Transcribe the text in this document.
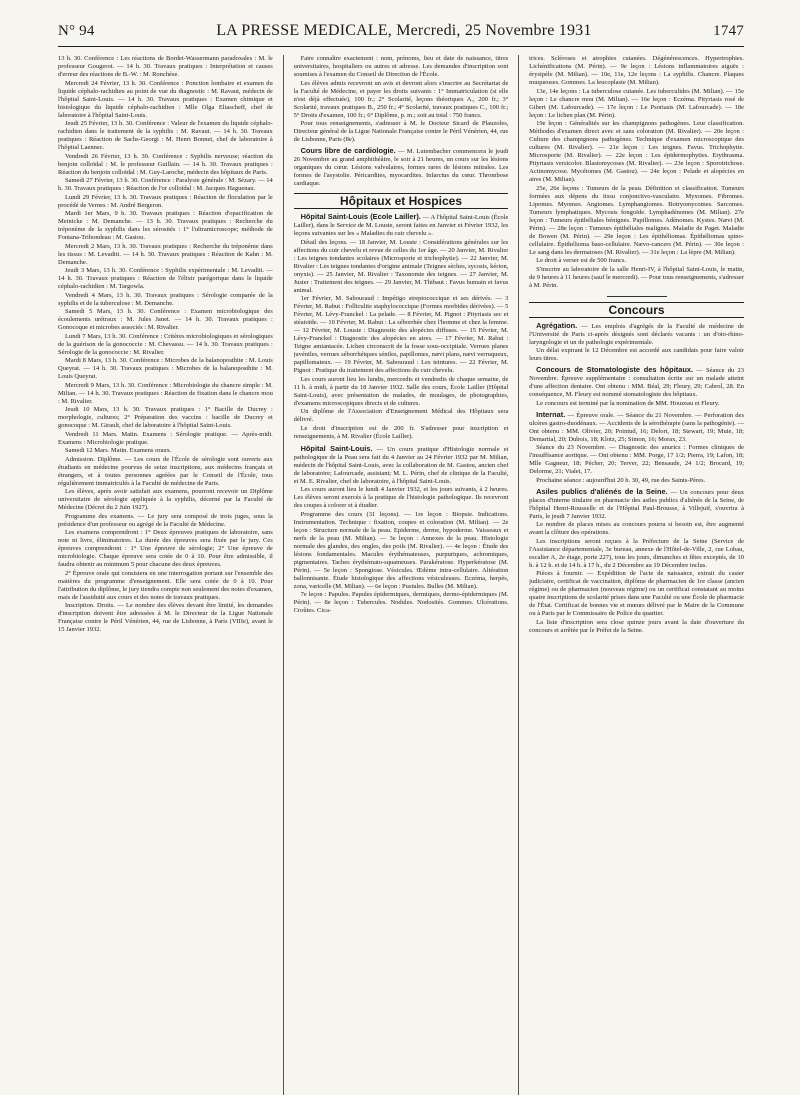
N° 94	LA PRESSE MEDICALE, Mercredi, 25 Novembre 1931	1747

13 h. 30. Conférence : Les réactions de Bordet-Wassermann paradoxales : M. le professeur Gougerot. — 14 h. 30. Travaux pratiques : Interprétation et causes d'erreur des réactions de B.-W. : M. Ronchèse.

Mercredi 24 Février, 13 h. 30. Conférence : Ponction lombaire et examen du liquide céphalo-rachidien au point de vue du diagnostic : M. Ravaut, médecin de l'hôpital Saint-Louis. — 14 h. 30. Travaux pratiques : Examen chimique et histologique du liquide céphalo-rachidien : Mlle Olga Eliascheff, chef de laboratoire à l'hôpital Saint-Louis.

Jeudi 25 Février, 13 h. 30. Conférence : Valeur de l'examen du liquide céphalo-rachidien dans le traitement de la syphilis : M. Ravaut. — 14 h. 30. Travaux pratiques : Réaction de Sachs-Georgi : M. Henri Bonnet, chef de laboratoire à l'hôpital Laennec.

Vendredi 26 Février, 13 h. 30. Conférence : Syphilis nerveuse; réaction du benjoin colloïdal : M. le professeur Guillain. — 14 h. 30. Travaux pratiques : Réaction du benjoin colloïdal : M. Guy-Laroche, médecin des hôpitaux de Paris.

Samedi 27 Février, 13 h. 30. Conférence : Paralysie générale : M. Sézary. — 14 h. 30. Travaux pratiques : Réaction de l'or colloïdal : M. Jacques Haguenau.

Lundi 29 Février, 13 h. 30. Travaux pratiques : Réaction de floculation par le procédé de Vernes : M. André Bergeron.

Mardi 1er Mars, 9 h. 30. Travaux pratiques : Réaction d'opacification de Meinicke : M. Demanche. — 13 h. 30. Travaux pratiques : Recherche du tréponème de la syphilis dans les sérosités : 1° l'ultramicroscope; méthode de Fontana-Tribondeau : M. Gastou.

Mercredi 2 Mars, 13 h. 30. Travaux pratiques : Recherche du tréponème dans les tissus : M. Levaditi. — 14 h. 30. Travaux pratiques : Réaction de Kahn : M. Demanche.

Jeudi 3 Mars, 13 h. 30. Conférence : Syphilis expérimentale : M. Levaditi. — 14 h. 30. Travaux pratiques : Réaction de l'élixir parégorique dans le liquide céphalo-rachidien : M. Targowla.

Vendredi 4 Mars, 13 h. 30. Travaux pratiques : Sérologie comparée de la syphilis et de la tuberculose : M. Demanche.

Samedi 5 Mars, 13 h. 30. Conférence : Examen microbiologique des écoulements urétraux : M. Jules Janet. — 14 h. 30. Travaux pratiques : Gonocoque et microbes associés : M. Rivalier.

Lundi 7 Mars, 13 h. 30. Conférence : Critères microbiologiques et sérologiques de la guérison de la gonococcie : M. Chevassu. — 14 h. 30. Travaux pratiques : Sérologie de la gonococcie : M. Rivalier.

Mardi 8 Mars, 13 h. 30. Conférence : Microbes de la balanoposthite : M. Louis Queyrat. — 14 h. 30. Travaux pratiques : Microbes de la balanoposthite : M. Louis Queyrat.

Mercredi 9 Mars, 13 h. 30. Conférence : Microbiologie du chancre simple : M. Milian. — 14 h. 30. Travaux pratiques : Réaction de fixation dans le chancre mou : M. Rivalier.

Jeudi 10 Mars, 13 h. 30. Travaux pratiques : 1° Bacille de Ducrey : morphologie, cultures; 2° Préparation des vaccins : bacille de Ducrey et gonocoque : M. Girault, chef de laboratoire à l'hôpital Saint-Louis.

Vendredi 11 Mars. Matin. Examens : Sérologie pratique. — Après-midi. Examens : Microbiologie pratique.

Samedi 12 Mars. Matin. Examens oraux.

Admission. Diplôme. — Les cours de l'École de sérologie sont ouverts aux étudiants en médecine pourvus de seize inscriptions, aux médecins français et étrangers, et à toutes personnes agréées par le Conseil de l'École, tous régulièrement immatriculés à la Faculté de médecine de Paris.

Les élèves, après avoir satisfait aux examens, pourront recevoir un Diplôme universitaire de sérologie appliquée à la syphilis, décerné par la Faculté de Médecine (Décret du 2 Juin 1927).

Programme des examens. — Le jury sera composé de trois juges, sous la présidence d'un professeur ou agrégé de la Faculté de Médecine.

Les examens comprendront : 1° Deux épreuves pratiques de laboratoire, sans note ni livre, éliminatoires. La durée des épreuves sera fixée par le jury. Ces épreuves comprendront : 1° Une épreuve de sérologie; 2° Une épreuve de microbiologie. Chaque épreuve sera cotée de 0 à 10. Pour être admissible, il faudra obtenir au minimum 5 pour chacune des deux épreuves.

2° Épreuve orale qui consistera en une interrogation portant sur l'ensemble des matières du programme d'enseignement. Elle sera cotée de 0 à 10. Pour l'attribution du diplôme, le jury tiendra compte non seulement des notes d'examen, mais de l'assiduité aux cours et des notes de travaux pratiques.

Inscription. Droits. — Le nombre des élèves devant être limité, les demandes d'inscription doivent être adressées à M. le Directeur de la Ligue Nationale Française contre le Péril Vénérien, 44, rue de Lisbonne, à Paris (VIIIe), avant le 15 Janvier 1932.

Faire connaître exactement : nom, prénoms, lieu et date de naissance, titres universitaires, hospitaliers ou autres et adresse. Les demandes d'inscription sont soumises à l'examen du Conseil de Direction de l'École.

Les élèves admis recevront un avis et devront alors s'inscrire au Secrétariat de la Faculté de Médecine, et payer les droits suivants : 1° Immatriculation (si elle n'est déjà effectuée), 100 fr.; 2° Scolarité, leçons théoriques A., 200 fr.; 3° Scolarité, travaux pratiques B., 250 fr.; 4° Scolarité, travaux pratiques C., 100 fr.; 5° Droits d'examen, 100 fr.; 6° Diplôme, p. m.; soit au total : 750 francs.

Pour tous renseignements, s'adresser à M. le Docteur Sicard de Plauzoles, Directeur général de la Ligue Nationale Française contre le Péril Vénérien, 44, rue de Lisbonne, Paris (8e).

Cours libre de cardiologie. — M. Lutembacher commencera le jeudi 26 Novembre au grand amphithéâtre, le soir à 21 heures, un cours sur les lésions organiques du cœur. Lésions valvulaires, formes rares de lésions mitrales. Les formes de l'asystolie. Péricardites, myocardites. Infarctus du cœur. Thrombose cardiaque.

Hôpitaux et Hospices

Hôpital Saint-Louis (Ecole Lailler). — A l'hôpital Saint-Louis (École Lailler), dans le Service de M. Louste, seront faites en Janvier et Février 1932, les leçons suivantes sur les « Maladies du cuir chevelu ».

Détail des leçons. — 18 Janvier, M. Louste : Considérations générales sur les affections du cuir chevelu et revue de celles du 1er âge. — 20 Janvier, M. Rivalier : Les teignes tondantes scolaires (Microsporie et trichophytie). — 22 Janvier, M. Rivalier : Les teignes tondantes d'origine animale (Teignes sèches, sycosis, kérion, onyxis). — 25 Janvier, M. Rivalier : Taxonomie des teignes. — 27 Janvier, M. Juster : Traitement des teignes. — 29 Janvier, M. Thibaut : Favus humain et favus animal.

1er Février, M. Sabouraud : Impétigo streptococcique et ses dérivés. — 3 Février, M. Rabut : Folliculite staphylococcique (Formes morbides dérivées). — 5 Février, M. Lévy-Franckel : La pelade. — 8 Février, M. Pignot : Pityriasis sec et stéatoïde. — 10 Février, M. Rabut : La séborrhée chez l'homme et chez la femme. — 12 Février, M. Louste : Diagnostic des alopécies diffuses. — 15 Février, M. Lévy-Franckel : Diagnostic des alopécies en aires. — 17 Février, M. Rabut : Teigne amiantacée. Lichen circonscrit de la fosse sous-occipitale. Verrues planes juvéniles, verrues séborrhéiques séniles, papillomes, nævi plans, nævi verruqueux, papillomateux. — 19 Février, M. Sabouraud : Les teintures. — 22 Février, M. Pignot : Pratique du traitement des affections du cuir chevelu.

Les cours auront lieu les lundis, mercredis et vendredis de chaque semaine, de 11 h. à midi, à partir du 18 Janvier 1932. Salle des cours, École Lailler (Hôpital Saint-Louis), avec présentation de malades, de moulages, de photographies, d'examens microscopiques directs et de cultures.

Un diplôme de l'Association d'Enseignement Médical des Hôpitaux sera délivré.

Le droit d'inscription est de 200 fr. S'adresser pour inscription et renseignements, à M. Rivalier (École Lailler).

Hôpital Saint-Louis. — Un cours pratique d'Histologie normale et pathologique de la Peau sera fait du 4 Janvier au 24 Février 1932 par M. Milian, médecin de l'hôpital Saint-Louis, avec la collaboration de M. Gastou, ancien chef de laboratoire; Lafourcade, assistant; M. L. Périn, chef de clinique de la Faculté, et M. E. Rivalier, chef de laboratoire, à l'hôpital Saint-Louis.

Les cours auront lieu le lundi 4 Janvier 1932, et les jours suivants, à 2 heures. Les élèves seront exercés à la pratique de l'histologie pathologique. Ils recevront des coupes à colorer et à étudier.

Programme des cours (31 leçons). — 1re leçon : Biopsie. Indications. Instrumentation. Technique : fixation, coupes et coloration (M. Milian). — 2e leçon : Structure normale de la peau. Epiderme, derme, hypoderme. Vaisseaux et nerfs de la peau (M. Milian). — 3e leçon : Annexes de la peau. Histologie normale des glandes, des ongles, des poils (M. Rivalier). — 4e leçon : Étude des lésions fondamentales. Macules érythémateuses, purpuriques, achromiques, pigmentaires. Taches érythémato-squameuses. Parakératose. Hyperkératose (M. Périn). — 5e leçon : Spongiose. Vésicules. Œdème intra-cellulaire. Altération ballonnisante. Étude histologique des affections vésiculeuses. Eczéma, herpès, zona, varicelle (M. Milian). — 6e leçon : Pustules. Bulles (M. Milian).

7e leçon : Papules. Papules épidermiques, dermiques, dermo-épidermiques (M. Périn). — 8e leçon : Tubercules. Nodules. Nodosités. Gommes. Ulcérations. Croûtes. Cica-

trices. Scléroses et atrophies cutanées. Dégénérescences. Hypertrophies. Lichénifications (M. Périn). — 9e leçon : Lésions inflammatoires aiguës : érysipèle (M. Milian). — 10e, 11e, 12e leçons : La syphilis. Chancre. Plaques muqueuses. Gommes. La leucoplasie (M. Milian).

13e, 14e leçons : La tuberculose cutanée. Les tuberculides (M. Milian). — 15e leçon : Le chancre mou (M. Milian). — 16e leçon : Eczéma. Pityriasis rosé de Gibert (M. Lafourcade). — 17e leçon : Le Psoriasis (M. Lafourcade). — 18e leçon : Le lichen plan (M. Périn).

19e leçon : Généralités sur les champignons pathogènes. Leur classification. Méthodes d'examen direct avec et sans coloration (M. Rivalier). — 20e leçon : Culture des champignons pathogènes. Technique d'examen microscopique des cultures (M. Rivalier). — 21e leçon : Les teignes. Favus. Trichophytie. Microsporie (M. Rivalier). — 22e leçon : Les épidermophyties. Erythrasma. Pityriasis versicolor. Blastomycoses (M. Rivalier). — 23e leçon : Sporotrichose. Actinomycose. Mycétomes (M. Gastou). — 24e leçon : Pelade et alopécies en aires (M. Milian).

25e, 26e leçons : Tumeurs de la peau. Définition et classification. Tumeurs formées aux dépens du tissu conjonctivo-vasculaire. Myxomes. Fibromes. Lipomes. Myomes. Angiomes. Lymphangiomes. Botryomycomes. Sarcomes. Tumeurs lymphatiques. Mycosis fongoïde. Lymphadénomes (M. Milian). 27e leçon : Tumeurs épithéliales bénignes. Papillomes. Adénomes. Kystes. Nævi (M. Périn). — 28e leçon : Tumeurs épithéliales malignes. Maladie de Paget. Maladie de Bowen (M. Périn). — 29e leçon : Les épithéliomas. Épithéliomas spino-cellulaire. Épithélioma baso-cellulaire. Nævo-cancers (M. Périn). — 30e leçon : Le sang dans les dermatoses (M. Rivalier). — 31e leçon : La lèpre (M. Milian).

Le droit à verser est de 500 francs.

S'inscrire au laboratoire de la salle Henri-IV, à l'hôpital Saint-Louis, le matin, de 9 heures à 11 heures (sauf le mercredi). — Pour tous renseignements, s'adresser à M. Périn.

Concours

Agrégation. — Les emplois d'agrégés de la Faculté de médecine de l'Université de Paris ci-après désignés sont déclarés vacants : un d'oto-rhino-laryngologie et un de pathologie expérimentale.

Un délai expirant le 12 Décembre est accordé aux candidats pour faire valoir leurs titres.

Concours de Stomatologiste des hôpitaux. — Séance du 23 Novembre. Épreuve supplémentaire : consultation écrite sur un malade atteint d'une affection dentaire. Ont obtenu : MM. Béal, 29; Fleury, 29; Cabrol, 28. En conséquence, M. Fleury est nommé stomatologiste des hôpitaux.

Le concours est terminé par la nomination de MM. Houzeau et Fleury.

Internat. — Épreuve orale. — Séance du 21 Novembre. — Perforation des ulcères gastro-duodénaux. — Accidents de la sérothérapie (sans la pathogénie). — Ont obtenu : MM. Olivier, 20; Pointud, 16; Delort, 18; Stewart, 19; Muie, 18; Demartial, 20; Dubois, 18; Klotz, 25; Simon, 16; Morax, 23.

Séance du 23 Novembre. — Diagnostic des anurics : Formes cliniques de l'insuffisance aortique. — Ont obtenu : MM. Porge, 17 1/2; Pierra, 19; Lafon, 18; Mlle Gagneur, 18; Pécher, 20; Terver, 22; Bensaude, 24 1/2; Brocard, 19; Delorme, 21; Vialet, 17.

Prochaine séance : aujourd'hui 20 h. 30, 49, rue des Saints-Pères.

Asiles publics d'aliénés de la Seine. — Un concours pour deux places d'interne titulaire en pharmacie des asiles publics d'aliénés de la Seine, de l'hôpital Henri-Rousselle et de l'Hôpital Paul-Brousse, à Villejuif, s'ouvrira à Paris, le jeudi 7 Janvier 1932.

Le nombre de places mises au concours pourra si besoin est, être augmenté avant la clôture des opérations.

Les inscriptions seront reçues à la Préfecture de la Seine (Service de l'Assistance départementale, 3e bureau, annexe de l'Hôtel-de-Ville, 2, rue Lobau, escalier A, 2e étage, porte 227), tous les jours, dimanches et fêtes exceptés, de 10 h. à 12 h. et de 14 h. à 17 h., du 2 Décembre au 19 Décembre inclus.

Pièces à fournir. — Expédition de l'acte de naissance, extrait du casier judiciaire, certificat de vaccination, diplôme de pharmacien de 1re classe (ancien régime) ou de pharmacien (nouveau régime) ou un certificat constatant au moins quatre inscriptions de scolarité prises dans une Faculté ou une École de pharmacie de l'État. Certificat de bonnes vie et mœurs délivré par le Maire de la Commune ou à Paris par le Commissaire de Police du quartier.

La liste d'inscription sera close quinze jours avant la date d'ouverture du concours et arrêtée par le Préfet de la Seine.
